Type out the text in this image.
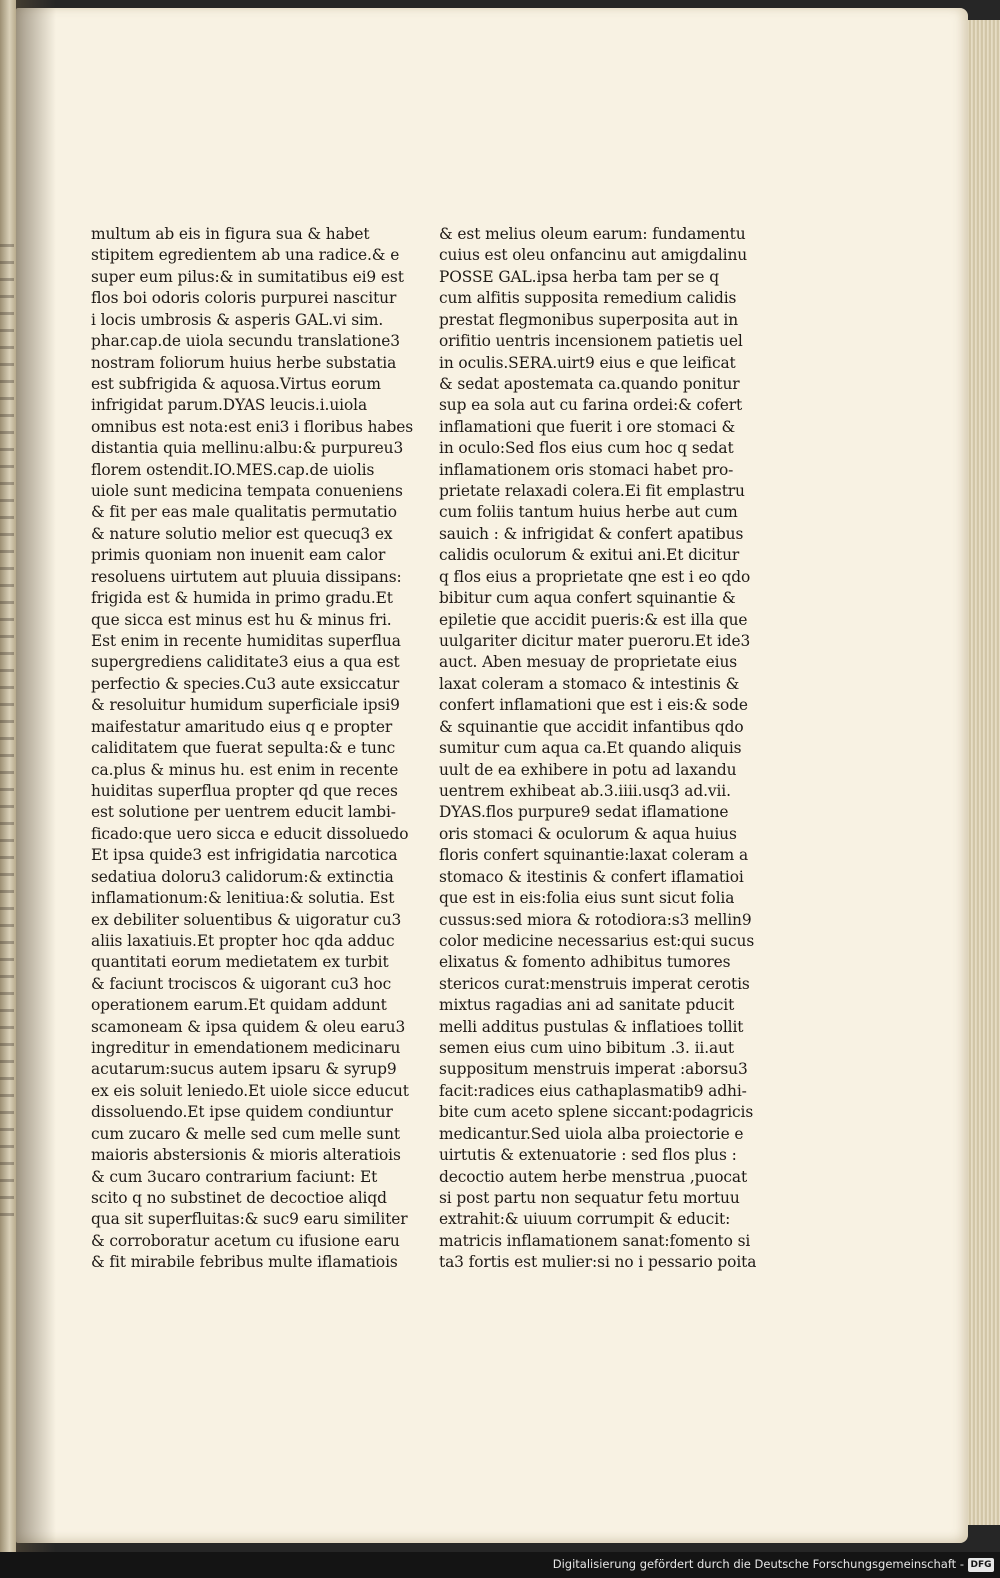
multum ab eis in figura sua & habet
stipitem egredientem ab una radice.& e
super eum pilus:& in sumitatibus ei9 est
flos boi odoris coloris purpurei nascitur
i locis umbrosis & asperis GAL.vi sim.
phar.cap.de uiola secundu translatione3
nostram foliorum huius herbe substatia
est subfrigida & aquosa.Virtus eorum
infrigidat parum.DYAS leucis.i.uiola
omnibus est nota:est eni3 i floribus habes
distantia quia mellinu:albu:& purpureu3
florem ostendit.IO.MES.cap.de uiolis
uiole sunt medicina tempata conueniens
& fit per eas male qualitatis permutatio
& nature solutio melior est quecuq3 ex
primis quoniam non inuenit eam calor
resoluens uirtutem aut pluuia dissipans:
frigida est & humida in primo gradu.Et
que sicca est minus est hu & minus fri.
Est enim in recente humiditas superflua
supergrediens caliditate3 eius a qua est
perfectio & species.Cu3 aute exsiccatur
& resoluitur humidum superficiale ipsi9
maifestatur amaritudo eius q e propter
caliditatem que fuerat sepulta:& e tunc
ca.plus & minus hu. est enim in recente
huiditas superflua propter qd que reces
est solutione per uentrem educit lambi-
ficado:que uero sicca e educit dissoluedo
Et ipsa quide3 est infrigidatia narcotica
sedatiua doloru3 calidorum:& extinctia
inflamationum:& lenitiua:& solutia. Est
ex debiliter soluentibus & uigoratur cu3
aliis laxatiuis.Et propter hoc qda adduc
quantitati eorum medietatem ex turbit
& faciunt trociscos & uigorant cu3 hoc
operationem earum.Et quidam addunt
scamoneam & ipsa quidem & oleu earu3
ingreditur in emendationem medicinaru
acutarum:sucus autem ipsaru & syrup9
ex eis soluit leniedo.Et uiole sicce educut
dissoluendo.Et ipse quidem condiuntur
cum zucaro & melle sed cum melle sunt
maioris abstersionis & mioris alteratiois
& cum 3ucaro contrarium faciunt: Et
scito q no substinet de decoctioe aliqd
qua sit superfluitas:& suc9 earu similiter
& corroboratur acetum cu ifusione earu
& fit mirabile febribus multe iflamatiois
& est melius oleum earum: fundamentu
cuius est oleu onfancinu aut amigdalinu
POSSE GAL.ipsa herba tam per se q
cum alfitis supposita remedium calidis
prestat flegmonibus superposita aut in
orifitio uentris incensionem patietis uel
in oculis.SERA.uirt9 eius e que leificat
& sedat apostemata ca.quando ponitur
sup ea sola aut cu farina ordei:& cofert
inflamationi que fuerit i ore stomaci &
in oculo:Sed flos eius cum hoc q sedat
inflamationem oris stomaci habet pro-
prietate relaxadi colera.Ei fit emplastru
cum foliis tantum huius herbe aut cum
sauich : & infrigidat & confert apatibus
calidis oculorum & exitui ani.Et dicitur
q flos eius a proprietate qne est i eo qdo
bibitur cum aqua confert squinantie &
epiletie que accidit pueris:& est illa que
uulgariter dicitur mater pueroru.Et ide3
auct. Aben mesuay de proprietate eius
laxat coleram a stomaco & intestinis &
confert inflamationi que est i eis:& sode
& squinantie que accidit infantibus qdo
sumitur cum aqua ca.Et quando aliquis
uult de ea exhibere in potu ad laxandu
uentrem exhibeat ab.3.iiii.usq3 ad.vii.
DYAS.flos purpure9 sedat iflamatione
oris stomaci & oculorum & aqua huius
floris confert squinantie:laxat coleram a
stomaco & itestinis & confert iflamatioi
que est in eis:folia eius sunt sicut folia
cussus:sed miora & rotodiora:s3 mellin9
color medicine necessarius est:qui sucus
elixatus & fomento adhibitus tumores
stericos curat:menstruis imperat cerotis
mixtus ragadias ani ad sanitate pducit
melli additus pustulas & inflatioes tollit
semen eius cum uino bibitum .3. ii.aut
suppositum menstruis imperat :aborsu3
facit:radices eius cathaplasmatib9 adhi-
bite cum aceto splene siccant:podagricis
medicantur.Sed uiola alba proiectorie e
uirtutis & extenuatorie : sed flos plus :
decoctio autem herbe menstrua ,puocat
si post partu non sequatur fetu mortuu
extrahit:& uiuum corrumpit & educit:
matricis inflamationem sanat:fomento si
ta3 fortis est mulier:si no i pessario poita
Digitalisierung gefördert durch die Deutsche Forschungsgemeinschaft - DFG
